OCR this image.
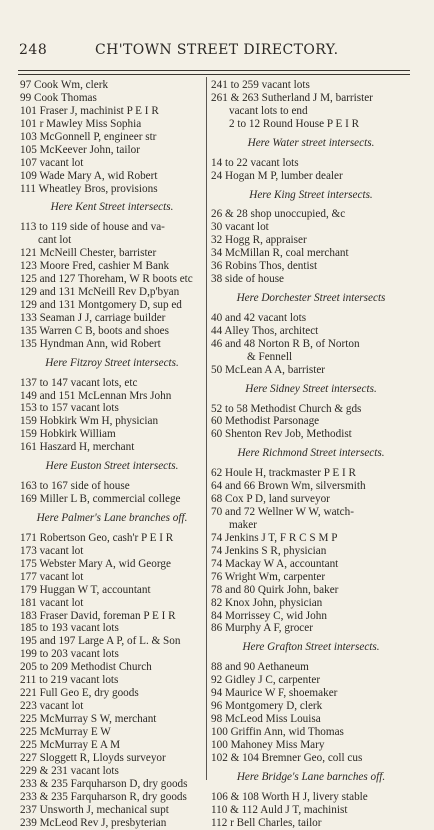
248	CH'TOWN STREET DIRECTORY.
97 Cook Wm, clerk
99 Cook Thomas
101 Fraser J, machinist P E I R
101 r Mawley Miss Sophia
103 McGonnell P, engineer str
105 McKeever John, tailor
107 vacant lot
109 Wade Mary A, wid Robert
111 Wheatley Bros, provisions
Here Kent Street intersects.
113 to 119 side of house and va-
cant lot
121 McNeill Chester, barrister
123 Moore Fred, cashier M Bank
125 and 127 Thoreham, W R boots etc
129 and 131 McNeill Rev D,p'byan
129 and 131 Montgomery D, sup ed
133 Seaman J J, carriage builder
135 Warren C B, boots and shoes
135 Hyndman Ann, wid Robert
Here Fitzroy Street intersects.
137 to 147 vacant lots, etc
149 and 151 McLennan Mrs John
153 to 157 vacant lots
159 Hobkirk Wm H, physician
159 Hobkirk William
161 Haszard H, merchant
Here Euston Street intersects.
163 to 167 side of house
169 Miller L B, commercial college
Here Palmer's Lane branches off.
171 Robertson Geo, cash'r P E I R
173 vacant lot
175 Webster Mary A, wid George
177 vacant lot
179 Huggan W T, accountant
181 vacant lot
183 Fraser David, foreman P E I R
185 to 193 vacant lots
195 and 197 Large A P, of L. & Son
199 to 203 vacant lots
205 to 209 Methodist Church
211 to 219 vacant lots
221 Full Geo E, dry goods
223 vacant lot
225 McMurray S W, merchant
225 McMurray E W
225 McMurray E A M
227 Sloggett R, Lloyds surveyor
229 & 231 vacant lots
233 & 235 Farquharson D, dry goods
233 & 235 Farquharson R, dry goods
237 Unsworth J, mechanical supt
239 McLeod Rev J, presbyterian
241 to 259 vacant lots
261 & 263 Sutherland J M, barrister
vacant lots to end
2 to 12 Round House P E I R
Here Water street intersects.
14 to 22 vacant lots
24 Hogan M P, lumber dealer
Here King Street intersects.
26 & 28 shop unoccupied, &c
30 vacant lot
32 Hogg R, appraiser
34 McMillan R, coal merchant
36 Robins Thos, dentist
38 side of house
Here Dorchester Street intersects
40 and 42 vacant lots
44 Alley Thos, architect
46 and 48 Norton R B, of Norton
& Fennell
50 McLean A A, barrister
Here Sidney Street intersects.
52 to 58 Methodist Church & gds
60 Methodist Parsonage
60 Shenton Rev Job, Methodist
Here Richmond Street intersects.
62 Houle H, trackmaster P E I R
64 and 66 Brown Wm, silversmith
68 Cox P D, land surveyor
70 and 72 Wellner W W, watch-
maker
74 Jenkins J T, F R C S M P
74 Jenkins S R, physician
74 Mackay W A, accountant
76 Wright Wm, carpenter
78 and 80 Quirk John, baker
82 Knox John, physician
84 Morrissey C, wid John
86 Murphy A F, grocer
Here Grafton Street intersects.
88 and 90 Aethaneum
92 Gidley J C, carpenter
94 Maurice W F, shoemaker
96 Montgomery D, clerk
98 McLeod Miss Louisa
100 Griffin Ann, wid Thomas
100 Mahoney Miss Mary
102 & 104 Bremner Geo, coll cus
Here Bridge's Lane barnches off.
106 & 108 Worth H J, livery stable
110 & 112 Auld J T, machinist
112 r Bell Charles, tailor
